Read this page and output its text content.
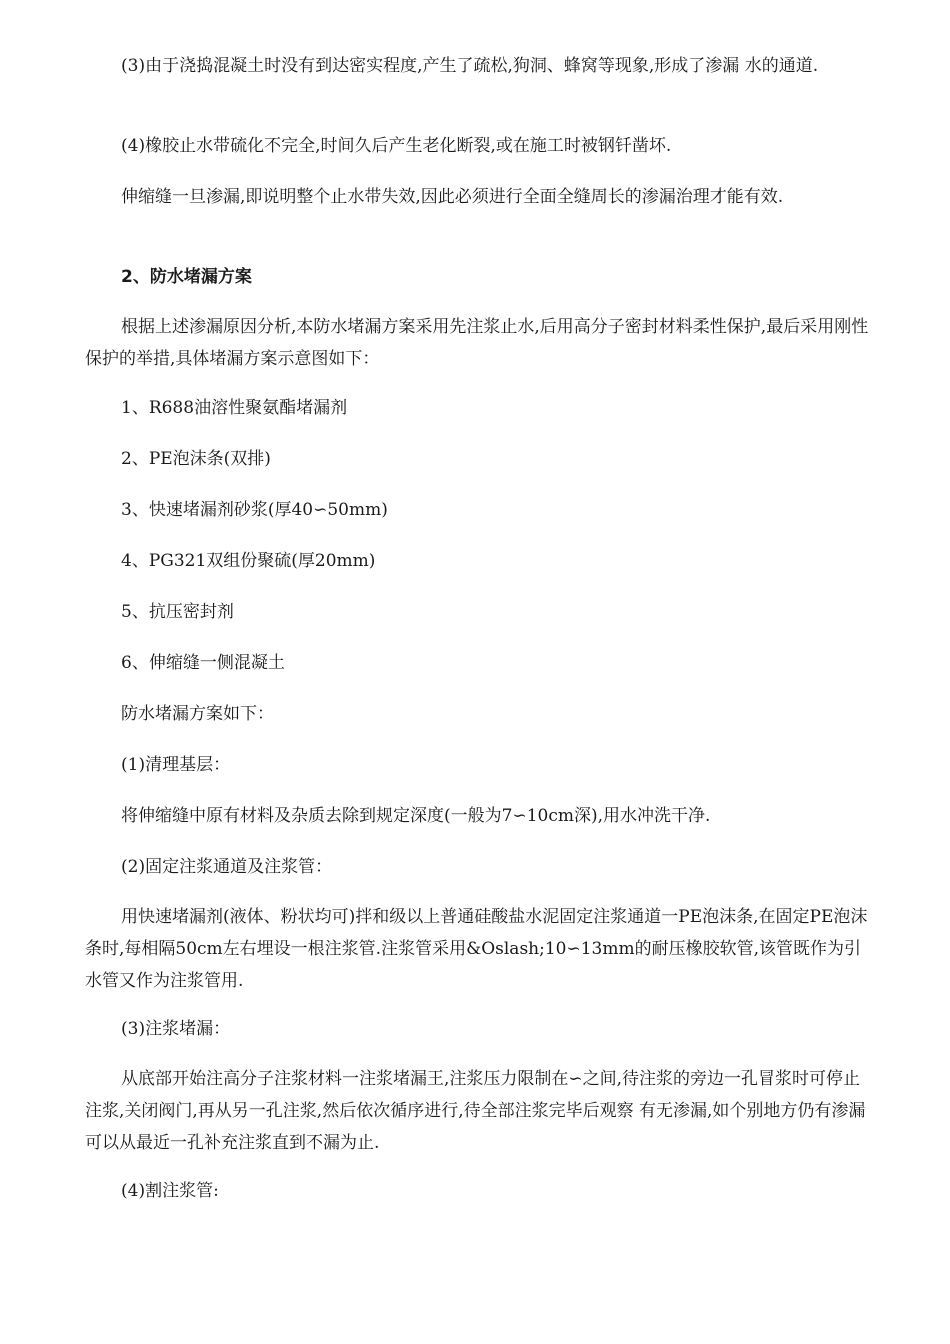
(3)由于浇捣混凝土时没有到达密实程度,产生了疏松,狗洞、蜂窝等现象,形成了渗漏 水的通道.

(4)橡胶止水带硫化不完全,时间久后产生老化断裂,或在施工时被钢钎凿坏.

伸缩缝一旦渗漏,即说明整个止水带失效,因此必须进行全面全缝周长的渗漏治理才能有效.

2、防水堵漏方案

根据上述渗漏原因分析,本防水堵漏方案采用先注浆止水,后用高分子密封材料柔性保护,最后采用刚性保护的举措,具体堵漏方案示意图如下：

1、R688油溶性聚氨酯堵漏剂

2、PE泡沫条(双排)

3、快速堵漏剂砂浆(厚40∽50mm)

4、PG321双组份聚硫(厚20mm)

5、抗压密封剂

6、伸缩缝一侧混凝土

防水堵漏方案如下：

(1)清理基层：

将伸缩缝中原有材料及杂质去除到规定深度(一般为7∽10cm深),用水冲洗干净.

(2)固定注浆通道及注浆管：

用快速堵漏剂(液体、粉状均可)拌和级以上普通硅酸盐水泥固定注浆通道一PE泡沫条,在固定PE泡沫条时,每相隔50cm左右埋设一根注浆管.注浆管采用&Oslash;10∽13mm的耐压橡胶软管,该管既作为引水管又作为注浆管用.

(3)注浆堵漏：

从底部开始注高分子注浆材料一注浆堵漏王,注浆压力限制在∽之间,待注浆的旁边一孔冒浆时可停止注浆,关闭阀门,再从另一孔注浆,然后依次循序进行,待全部注浆完毕后观察 有无渗漏,如个别地方仍有渗漏可以从最近一孔补充注浆直到不漏为止.

(4)割注浆管:
